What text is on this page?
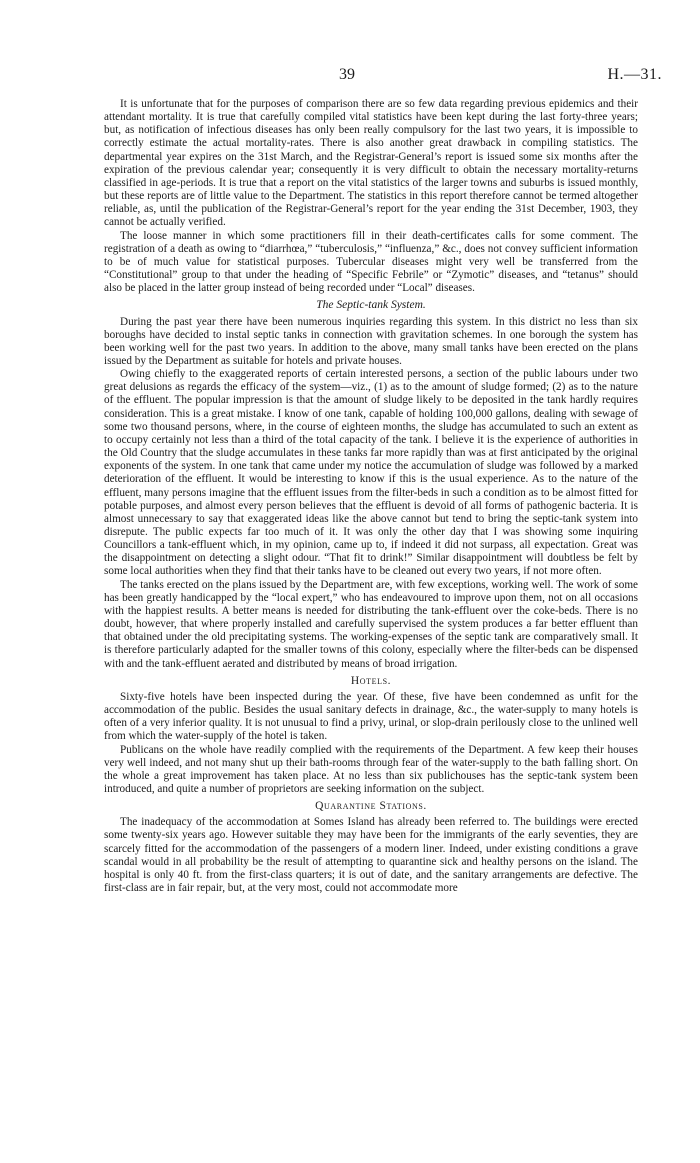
39	H.—31.

It is unfortunate that for the purposes of comparison there are so few data regarding previous epidemics and their attendant mortality. It is true that carefully compiled vital statistics have been kept during the last forty-three years; but, as notification of infectious diseases has only been really compulsory for the last two years, it is impossible to correctly estimate the actual mortality-rates. There is also another great drawback in compiling statistics. The departmental year expires on the 31st March, and the Registrar-General’s report is issued some six months after the expiration of the previous calendar year; consequently it is very difficult to obtain the necessary mortality-returns classified in age-periods. It is true that a report on the vital statistics of the larger towns and suburbs is issued monthly, but these reports are of little value to the Department. The statistics in this report therefore cannot be termed altogether reliable, as, until the publication of the Registrar-General’s report for the year ending the 31st December, 1903, they cannot be actually verified.

The loose manner in which some practitioners fill in their death-certificates calls for some comment. The registration of a death as owing to “diarrhœa,” “tuberculosis,” “influenza,” &c., does not convey sufficient information to be of much value for statistical purposes. Tubercular diseases might very well be transferred from the “Constitutional” group to that under the heading of “Specific Febrile” or “Zymotic” diseases, and “tetanus” should also be placed in the latter group instead of being recorded under “Local” diseases.

The Septic-tank System.

During the past year there have been numerous inquiries regarding this system. In this district no less than six boroughs have decided to instal septic tanks in connection with gravitation schemes. In one borough the system has been working well for the past two years. In addition to the above, many small tanks have been erected on the plans issued by the Department as suitable for hotels and private houses.

Owing chiefly to the exaggerated reports of certain interested persons, a section of the public labours under two great delusions as regards the efficacy of the system—viz., (1) as to the amount of sludge formed; (2) as to the nature of the effluent. The popular impression is that the amount of sludge likely to be deposited in the tank hardly requires consideration. This is a great mistake. I know of one tank, capable of holding 100,000 gallons, dealing with sewage of some two thousand persons, where, in the course of eighteen months, the sludge has accumulated to such an extent as to occupy certainly not less than a third of the total capacity of the tank. I believe it is the experience of authorities in the Old Country that the sludge accumulates in these tanks far more rapidly than was at first anticipated by the original exponents of the system. In one tank that came under my notice the accumulation of sludge was followed by a marked deterioration of the effluent. It would be interesting to know if this is the usual experience. As to the nature of the effluent, many persons imagine that the effluent issues from the filter-beds in such a condition as to be almost fitted for potable purposes, and almost every person believes that the effluent is devoid of all forms of pathogenic bacteria. It is almost unnecessary to say that exaggerated ideas like the above cannot but tend to bring the septic-tank system into disrepute. The public expects far too much of it. It was only the other day that I was showing some inquiring Councillors a tank-effluent which, in my opinion, came up to, if indeed it did not surpass, all expectation. Great was the disappointment on detecting a slight odour. “That fit to drink!” Similar disappointment will doubtless be felt by some local authorities when they find that their tanks have to be cleaned out every two years, if not more often.

The tanks erected on the plans issued by the Department are, with few exceptions, working well. The work of some has been greatly handicapped by the “local expert,” who has endeavoured to improve upon them, not on all occasions with the happiest results. A better means is needed for distributing the tank-effluent over the coke-beds. There is no doubt, however, that where properly installed and carefully supervised the system produces a far better effluent than that obtained under the old precipitating systems. The working-expenses of the septic tank are comparatively small. It is therefore particularly adapted for the smaller towns of this colony, especially where the filter-beds can be dispensed with and the tank-effluent aerated and distributed by means of broad irrigation.

Hotels.

Sixty-five hotels have been inspected during the year. Of these, five have been condemned as unfit for the accommodation of the public. Besides the usual sanitary defects in drainage, &c., the water-supply to many hotels is often of a very inferior quality. It is not unusual to find a privy, urinal, or slop-drain perilously close to the unlined well from which the water-supply of the hotel is taken.

Publicans on the whole have readily complied with the requirements of the Department. A few keep their houses very well indeed, and not many shut up their bath-rooms through fear of the water-supply to the bath falling short. On the whole a great improvement has taken place. At no less than six publichouses has the septic-tank system been introduced, and quite a number of proprietors are seeking information on the subject.

Quarantine Stations.

The inadequacy of the accommodation at Somes Island has already been referred to. The buildings were erected some twenty-six years ago. However suitable they may have been for the immigrants of the early seventies, they are scarcely fitted for the accommodation of the passengers of a modern liner. Indeed, under existing conditions a grave scandal would in all probability be the result of attempting to quarantine sick and healthy persons on the island. The hospital is only 40 ft. from the first-class quarters; it is out of date, and the sanitary arrangements are defective. The first-class are in fair repair, but, at the very most, could not accommodate more
